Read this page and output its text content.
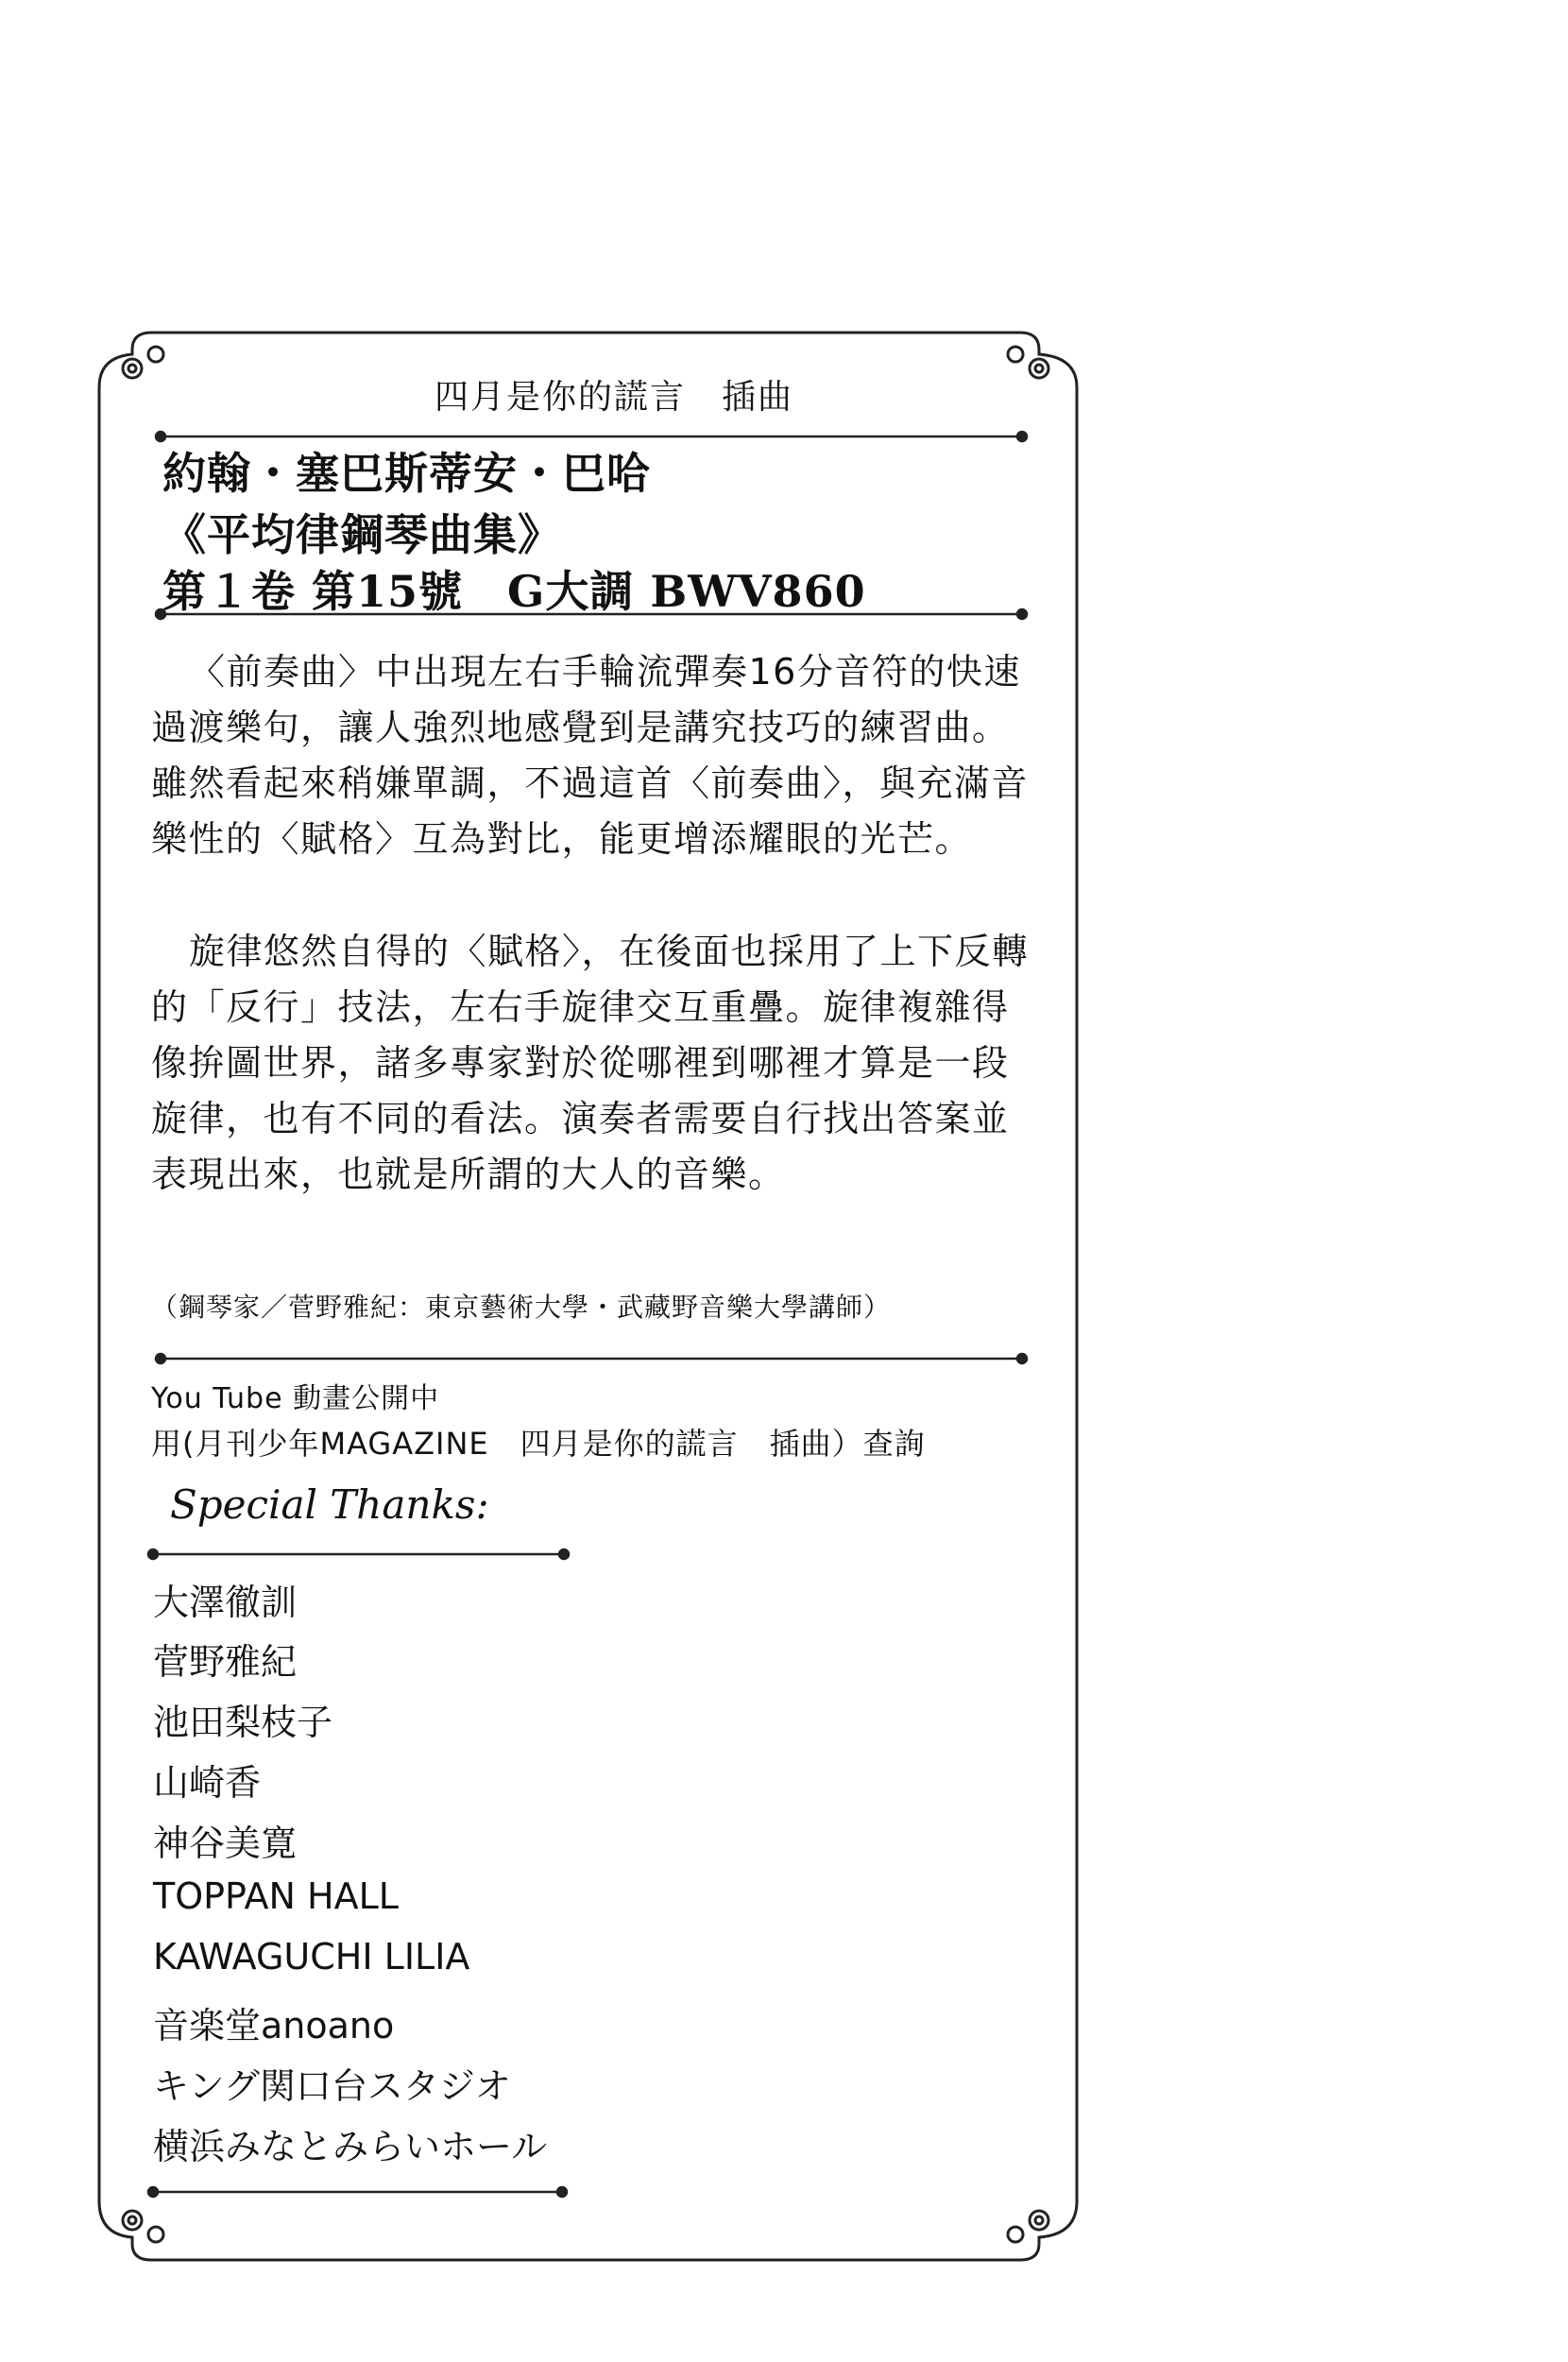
四月是你的謊言　插曲
約翰・塞巴斯蒂安・巴哈
《平均律鋼琴曲集》
第１卷 第15號　G大調 BWV860
〈前奏曲〉中出現左右手輪流彈奏16分音符的快速過渡樂句，讓人強烈地感覺到是講究技巧的練習曲。雖然看起來稍嫌單調，不過這首〈前奏曲〉，與充滿音樂性的〈賦格〉互為對比，能更增添耀眼的光芒。
旋律悠然自得的〈賦格〉，在後面也採用了上下反轉的「反行」技法，左右手旋律交互重疊。旋律複雜得像拚圖世界，諸多專家對於從哪裡到哪裡才算是一段旋律，也有不同的看法。演奏者需要自行找出答案並表現出來，也就是所謂的大人的音樂。
（鋼琴家／菅野雅紀：東京藝術大學・武藏野音樂大學講師）
You Tube 動畫公開中
用(月刊少年MAGAZINE　四月是你的謊言　插曲）查詢
Special Thanks:
大澤徹訓
菅野雅紀
池田梨枝子
山崎香
神谷美寛
TOPPAN HALL
KAWAGUCHI LILIA
音楽堂anoano
キング関口台スタジオ
横浜みなとみらいホール
